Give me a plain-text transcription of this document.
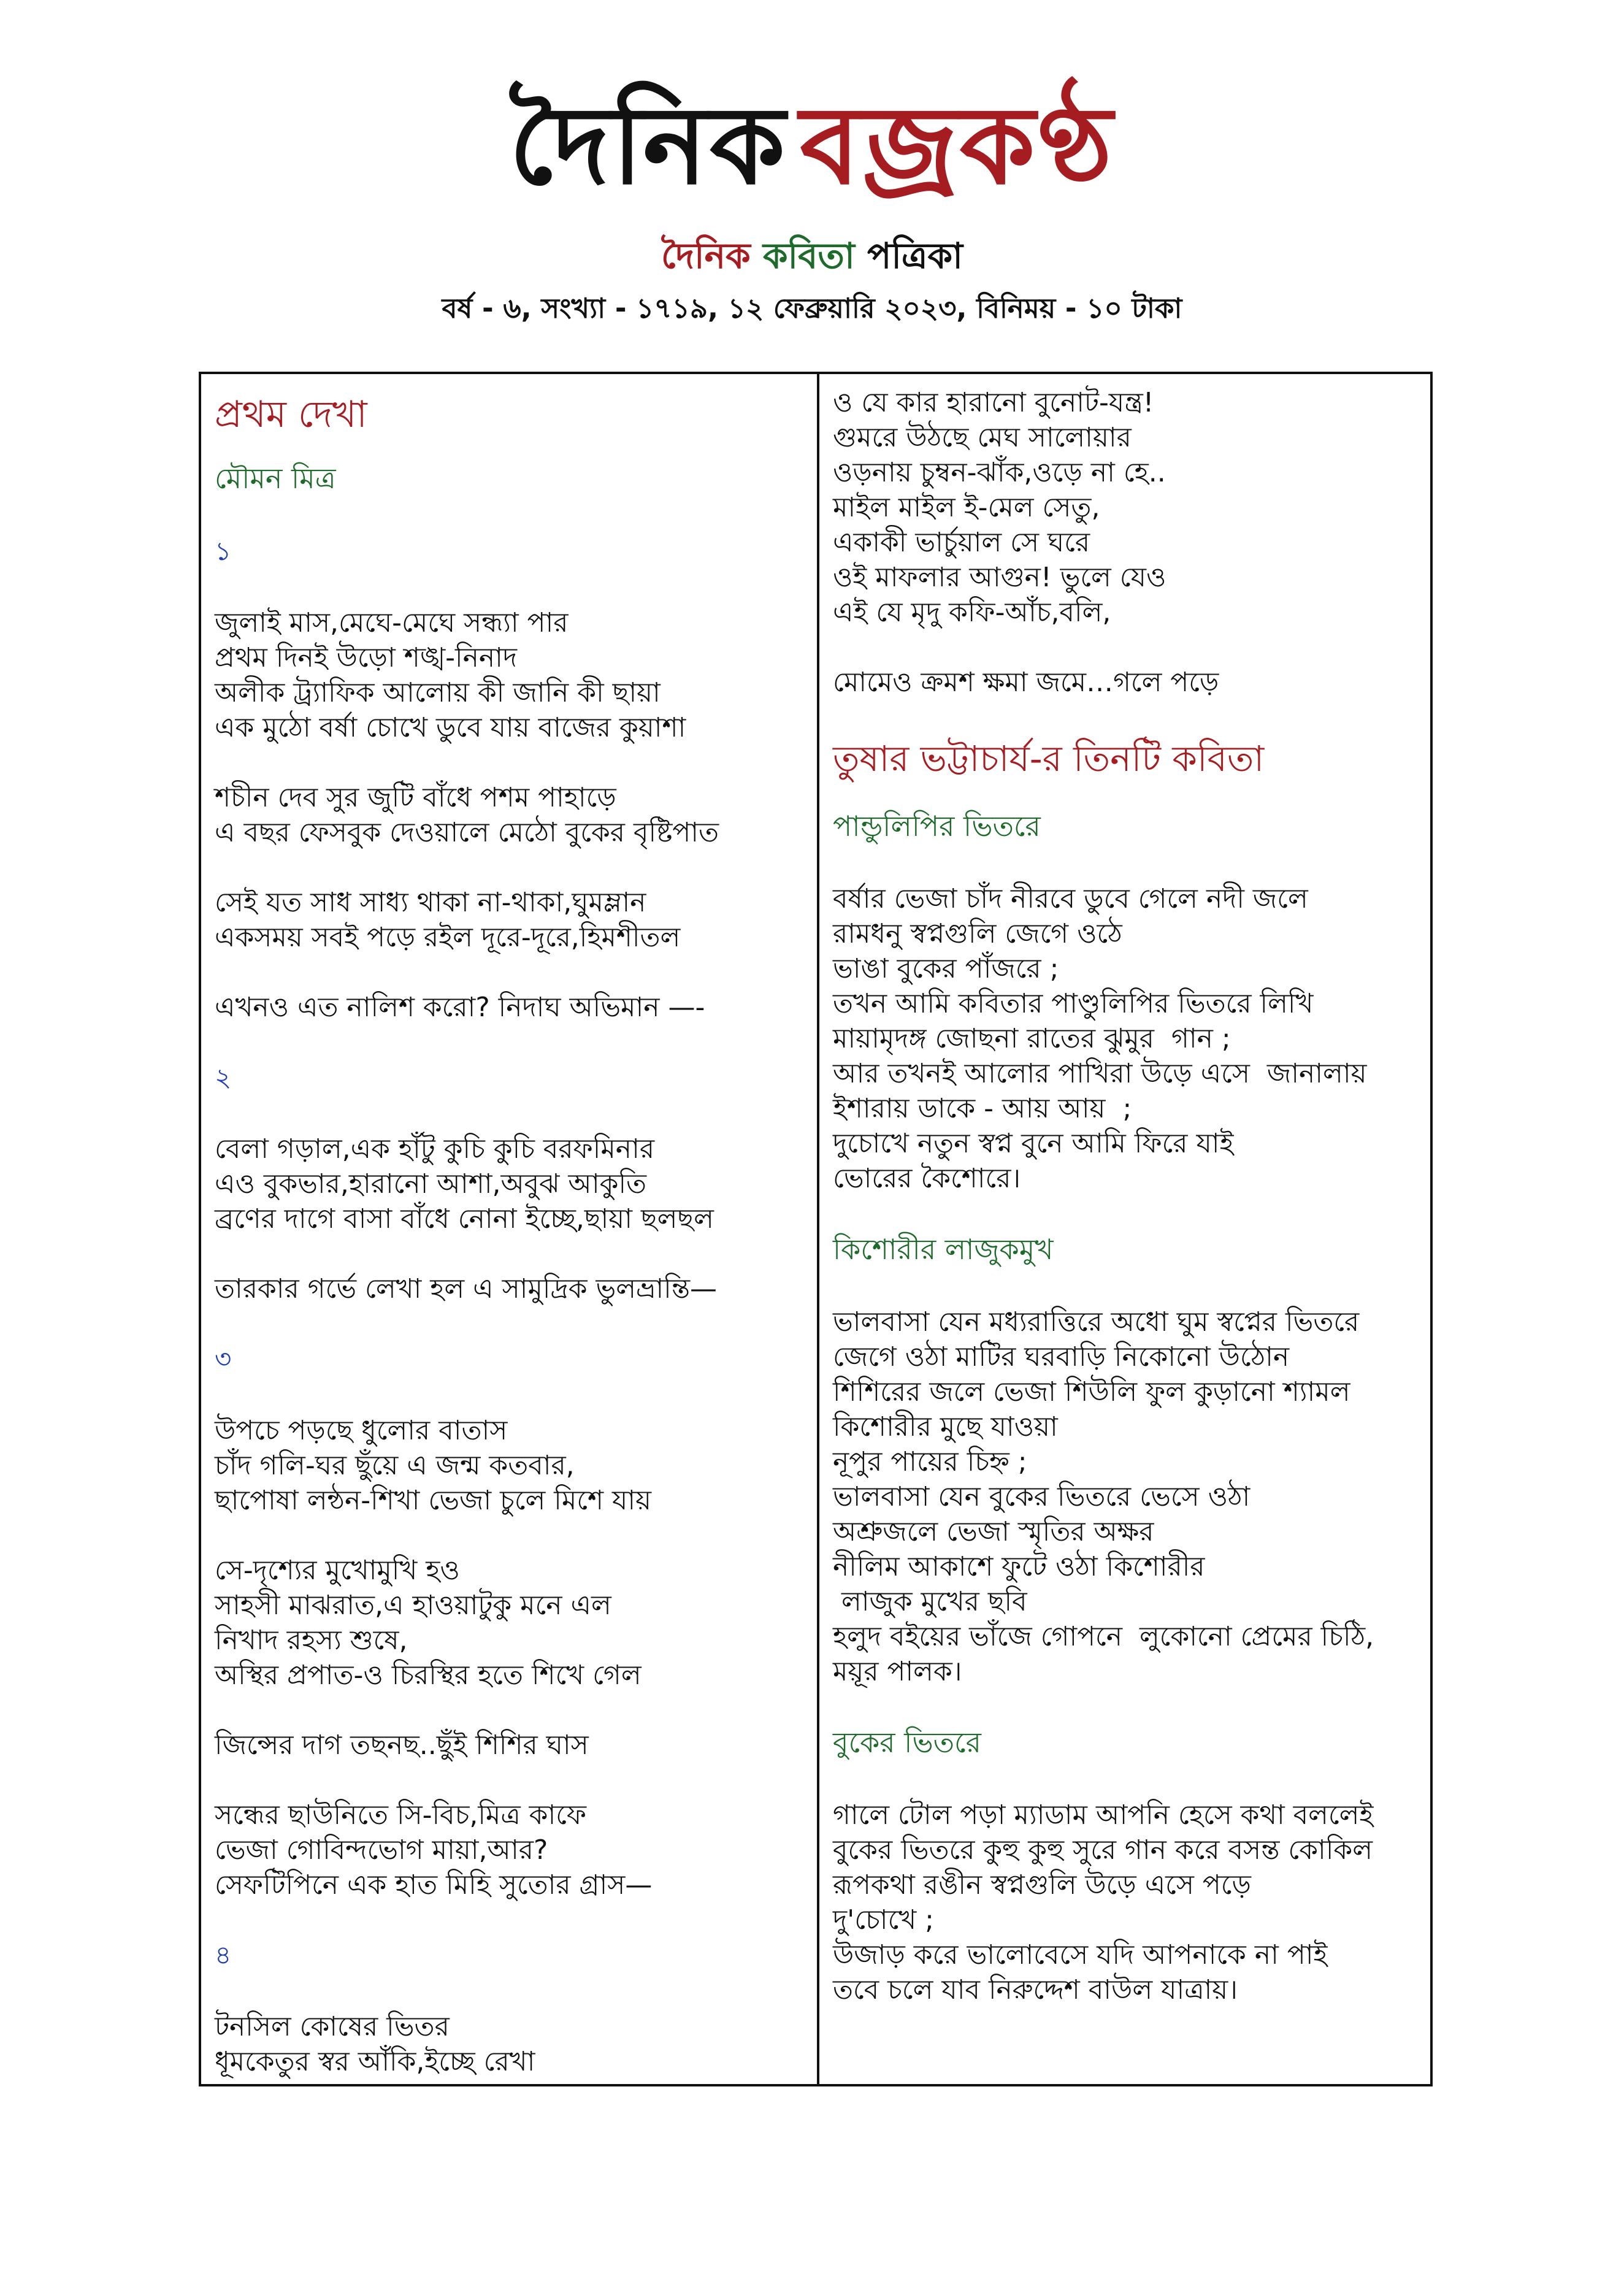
দৈনিক বজ্রকণ্ঠ
দৈনিক কবিতা পত্রিকা
বর্ষ - ৬, সংখ্যা - ১৭১৯, ১২ ফেব্রুয়ারি ২০২৩, বিনিময় - ১০ টাকা
প্রথম দেখা
মৌমন মিত্র
১

জুলাই মাস,মেঘে-মেঘে সন্ধ্যা পার

প্রথম দিনই উড়ো শঙ্খ-নিনাদ

অলীক ট্র্যাফিক আলোয় কী জানি কী ছায়া

এক মুঠো বর্ষা চোখে ডুবে যায় বাজের কুয়াশা

শচীন দেব সুর জুটি বাঁধে পশম পাহাড়ে

এ বছর ফেসবুক দেওয়ালে মেঠো বুকের বৃষ্টিপাত

সেই যত সাধ সাধ্য থাকা না-থাকা,ঘুমম্লান

একসময় সবই পড়ে রইল দূরে-দূরে,হিমশীতল

এখনও এত নালিশ করো? নিদাঘ অভিমান —-

২

বেলা গড়াল,এক হাঁটু কুচি কুচি বরফমিনার

এও বুকভার,হারানো আশা,অবুঝ আকুতি

ব্রণের দাগে বাসা বাঁধে নোনা ইচ্ছে,ছায়া ছলছল

তারকার গর্ভে লেখা হল এ সামুদ্রিক ভুলভ্রান্তি—

৩

উপচে পড়ছে ধুলোর বাতাস

চাঁদ গলি-ঘর ছুঁয়ে এ জন্ম কতবার,

ছাপোষা লন্ঠন-শিখা ভেজা চুলে মিশে যায়

সে-দৃশ্যের মুখোমুখি হও

সাহসী মাঝরাত,এ হাওয়াটুকু মনে এল

নিখাদ রহস্য শুষে,

অস্থির প্রপাত-ও চিরস্থির হতে শিখে গেল

জিন্সের দাগ তছনছ..ছুঁই শিশির ঘাস

সন্ধের ছাউনিতে সি-বিচ,মিত্র কাফে

ভেজা গোবিন্দভোগ মায়া,আর?

সেফটিপিনে এক হাত মিহি সুতোর গ্রাস—

৪

টনসিল কোষের ভিতর

ধূমকেতুর স্বর আঁকি,ইচ্ছে রেখা

ও যে কার হারানো বুনোট-যন্ত্র!

গুমরে উঠছে মেঘ সালোয়ার

ওড়নায় চুম্বন-ঝাঁক,ওড়ে না হে..

মাইল মাইল ই-মেল সেতু,

একাকী ভার্চুয়াল সে ঘরে

ওই মাফলার আগুন! ভুলে যেও

এই যে মৃদু কফি-আঁচ,বলি,

মোমেও ক্রমশ ক্ষমা জমে…গলে পড়ে

তুষার ভট্টাচার্য-র তিনটি কবিতা
পান্ডুলিপির ভিতরে

বর্ষার ভেজা চাঁদ নীরবে ডুবে গেলে নদী জলে

রামধনু স্বপ্নগুলি জেগে ওঠে

ভাঙা বুকের পাঁজরে ;

তখন আমি কবিতার পাণ্ডুলিপির ভিতরে লিখি

মায়ামৃদঙ্গ জোছনা রাতের ঝুমুর  গান ;

আর তখনই আলোর পাখিরা উড়ে এসে  জানালায়

ইশারায় ডাকে - আয় আয়  ;

দুচোখে নতুন স্বপ্ন বুনে আমি ফিরে যাই

ভোরের কৈশোরে।

কিশোরীর লাজুকমুখ

ভালবাসা যেন মধ্যরাত্তিরে অধো ঘুম স্বপ্নের ভিতরে

জেগে ওঠা মাটির ঘরবাড়ি নিকোনো উঠোন

শিশিরের জলে ভেজা শিউলি ফুল কুড়ানো শ্যামল

কিশোরীর মুছে যাওয়া

নূপুর পায়ের চিহ্ন ;

ভালবাসা যেন বুকের ভিতরে ভেসে ওঠা

অশ্রুজলে ভেজা স্মৃতির অক্ষর

নীলিম আকাশে ফুটে ওঠা কিশোরীর

লাজুক মুখের ছবি

হলুদ বইয়ের ভাঁজে গোপনে  লুকোনো প্রেমের চিঠি,

ময়ূর পালক।

বুকের ভিতরে

গালে টোল পড়া ম্যাডাম আপনি হেসে কথা বললেই

বুকের ভিতরে কুহু কুহু সুরে গান করে বসন্ত কোকিল

রূপকথা রঙীন স্বপ্নগুলি উড়ে এসে পড়ে

দু'চোখে ;

উজাড় করে ভালোবেসে যদি আপনাকে না পাই

তবে চলে যাব নিরুদ্দেশ বাউল যাত্রায়।
